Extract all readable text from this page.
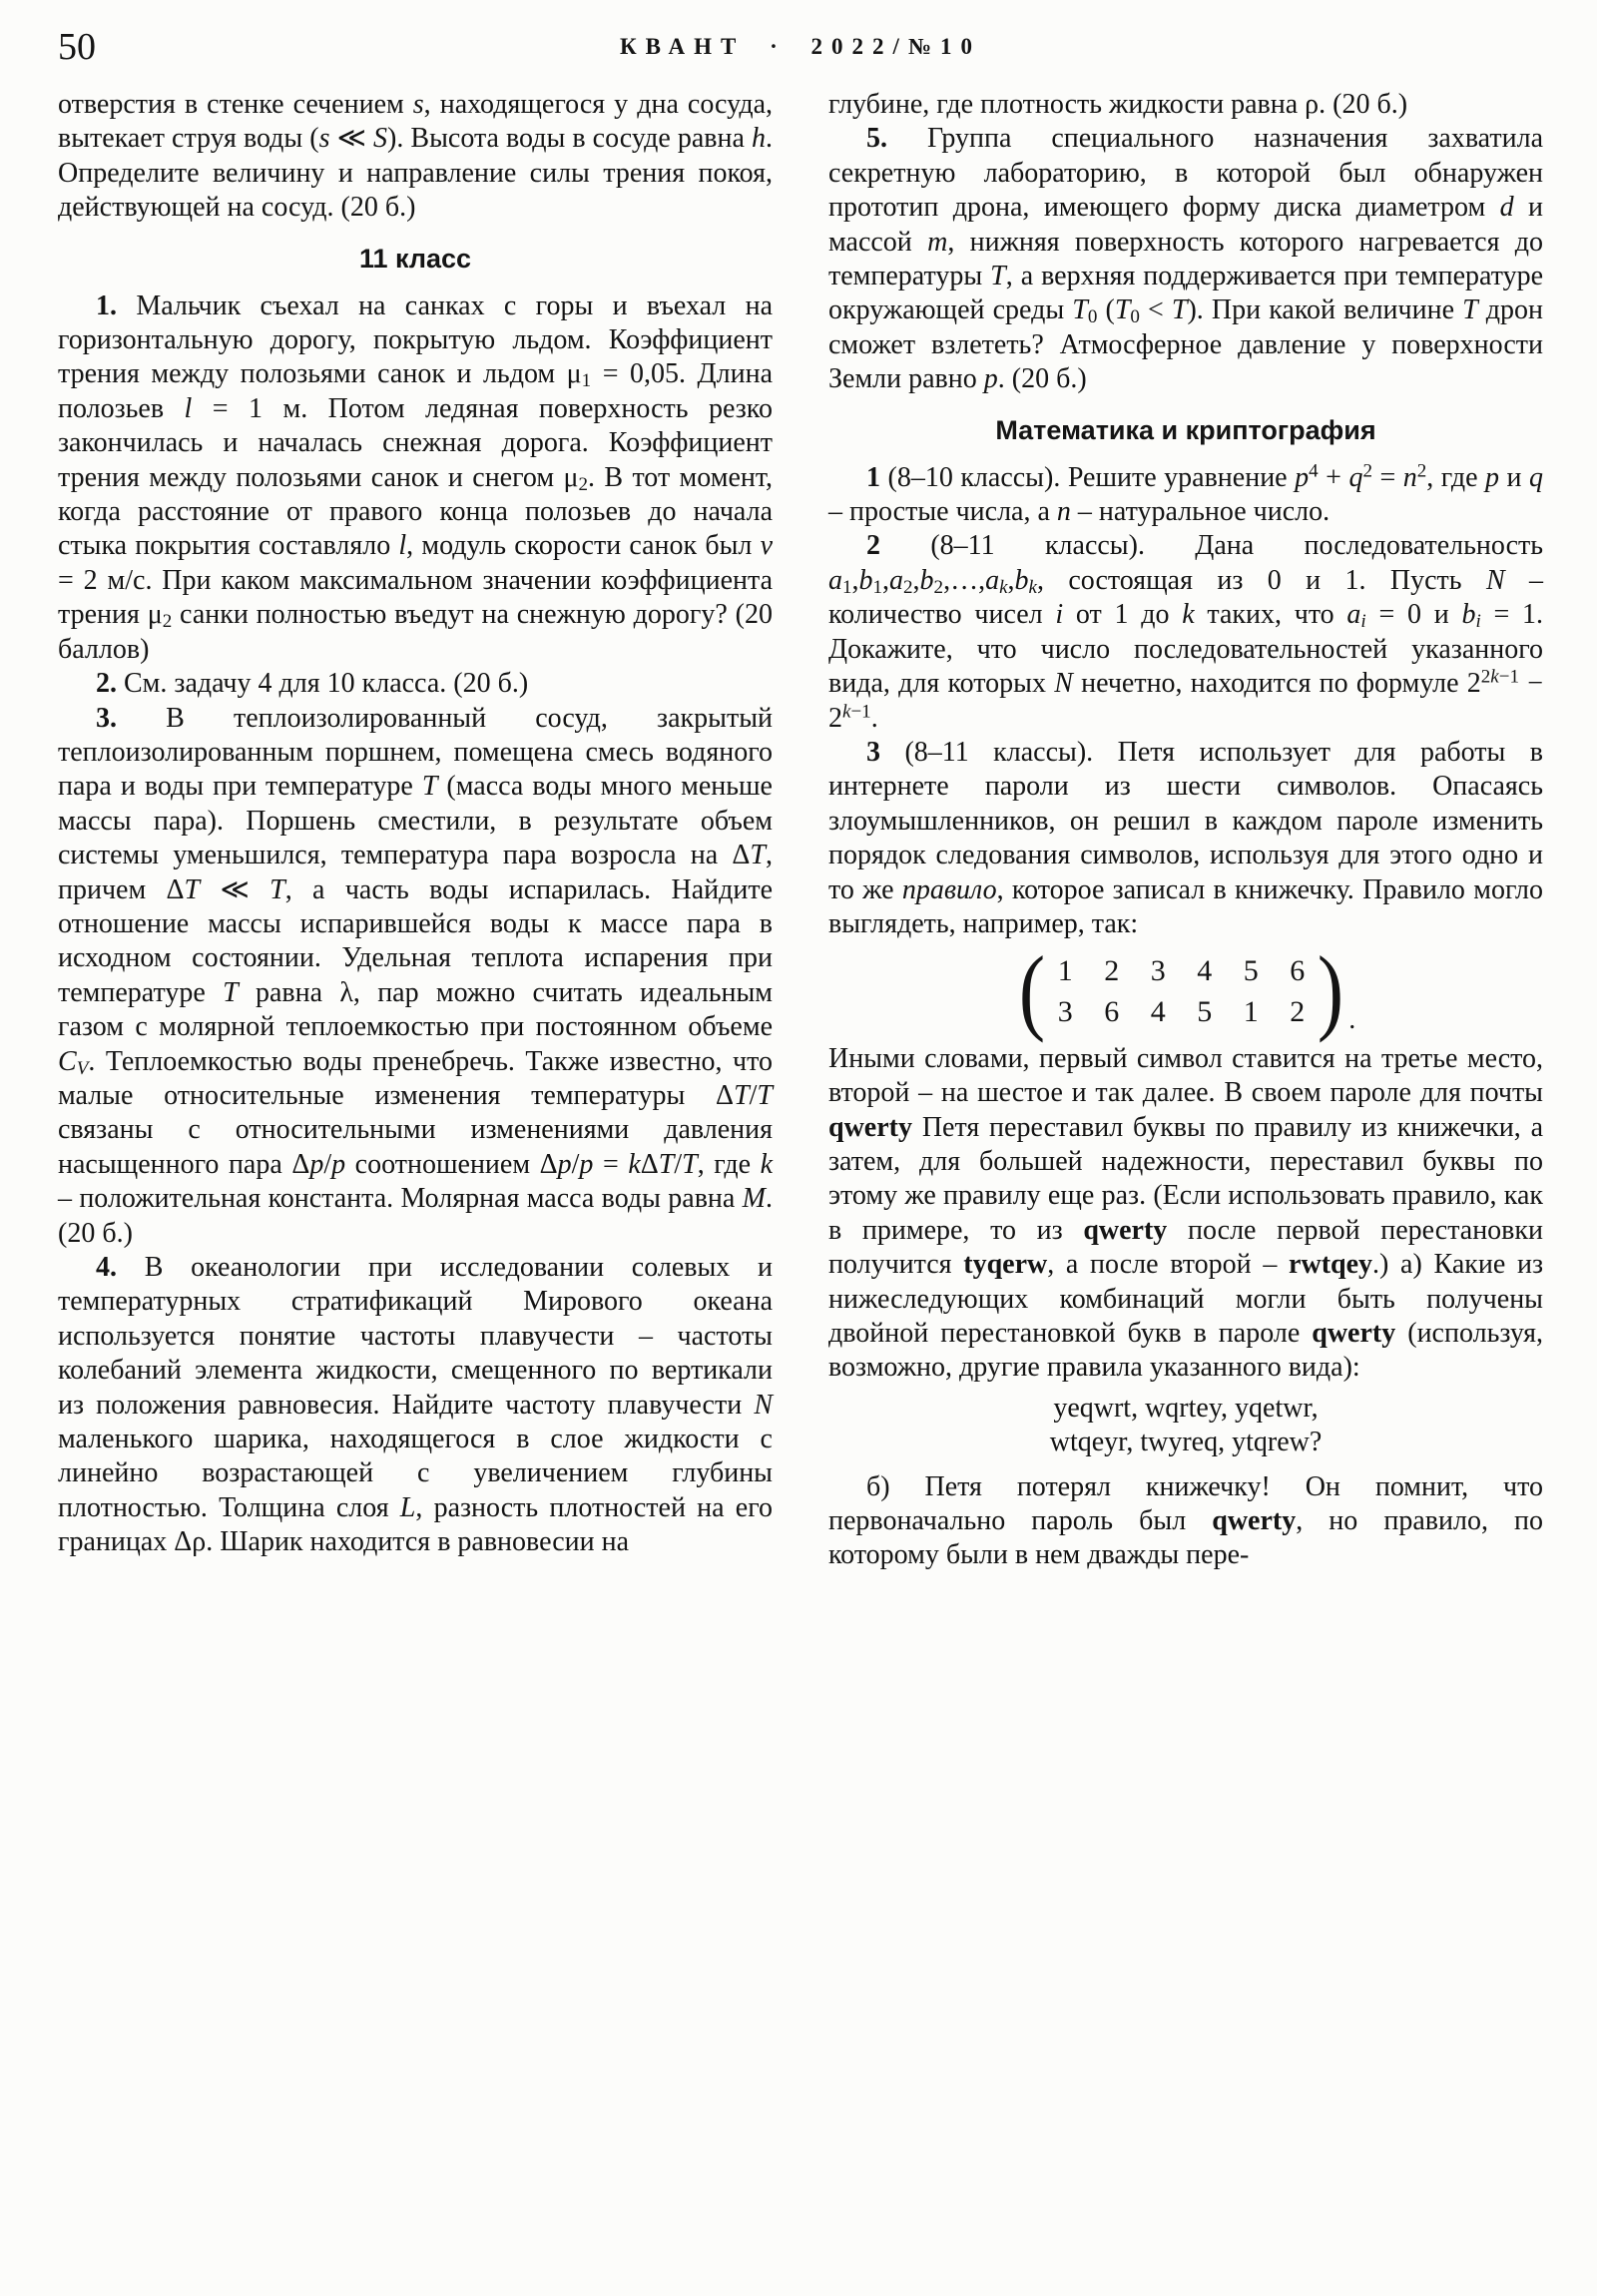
50	КВАНТ · 2022/№10

отверстия в стенке сечением s, находящегося у дна сосуда, вытекает струя воды (s ≪ S). Высота воды в сосуде равна h. Определите величину и направление силы трения покоя, действующей на сосуд. (20 б.)

11 класс

1. Мальчик съехал на санках с горы и въехал на горизонтальную дорогу, покрытую льдом. Коэффициент трения между полозьями санок и льдом μ1 = 0,05. Длина полозьев l = 1 м. Потом ледяная поверхность резко закончилась и началась снежная дорога. Коэффициент трения между полозьями санок и снегом μ2. В тот момент, когда расстояние от правого конца полозьев до начала стыка покрытия составляло l, модуль скорости санок был v = 2 м/с. При каком максимальном значении коэффициента трения μ2 санки полностью въедут на снежную дорогу? (20 баллов)

2. См. задачу 4 для 10 класса. (20 б.)

3. В теплоизолированный сосуд, закрытый теплоизолированным поршнем, помещена смесь водяного пара и воды при температуре T (масса воды много меньше массы пара). Поршень сместили, в результате объем системы уменьшился, температура пара возросла на ΔT, причем ΔT ≪ T, а часть воды испарилась. Найдите отношение массы испарившейся воды к массе пара в исходном состоянии. Удельная теплота испарения при температуре T равна λ, пар можно считать идеальным газом с молярной теплоемкостью при постоянном объеме CV. Теплоемкостью воды пренебречь. Также известно, что малые относительные изменения температуры ΔT/T связаны с относительными изменениями давления насыщенного пара Δp/p соотношением Δp/p = kΔT/T, где k – положительная константа. Молярная масса воды равна M. (20 б.)

4. В океанологии при исследовании солевых и температурных стратификаций Мирового океана используется понятие частоты плавучести – частоты колебаний элемента жидкости, смещенного по вертикали из положения равновесия. Найдите частоту плавучести N маленького шарика, находящегося в слое жидкости с линейно возрастающей с увеличением глубины плотностью. Толщина слоя L, разность плотностей на его границах Δρ. Шарик находится в равновесии на

глубине, где плотность жидкости равна ρ. (20 б.)

5. Группа специального назначения захватила секретную лабораторию, в которой был обнаружен прототип дрона, имеющего форму диска диаметром d и массой m, нижняя поверхность которого нагревается до температуры T, а верхняя поддерживается при температуре окружающей среды T0 (T0 < T). При какой величине T дрон сможет взлететь? Атмосферное давление у поверхности Земли равно p. (20 б.)

Математика и криптография

1 (8–10 классы). Решите уравнение $p^4 + q^2 = n^2$, где p и q – простые числа, а n – натуральное число.

2 (8–11 классы). Дана последовательность a1,b1,a2,b2,…,ak,bk, состоящая из 0 и 1. Пусть N – количество чисел i от 1 до k таких, что ai = 0 и bi = 1. Докажите, что число последовательностей указанного вида, для которых N нечетно, находится по формуле $2^{2k-1} - 2^{k-1}$.

3 (8–11 классы). Петя использует для работы в интернете пароли из шести символов. Опасаясь злоумышленников, он решил в каждом пароле изменить порядок следования символов, используя для этого одно и то же правило, которое записал в книжечку. Правило могло выглядеть, например, так:

( 1 2 3 4 5 6
3 6 4 5 1 2 ) .

Иными словами, первый символ ставится на третье место, второй – на шестое и так далее. В своем пароле для почты qwerty Петя переставил буквы по правилу из книжечки, а затем, для большей надежности, переставил буквы по этому же правилу еще раз. (Если использовать правило, как в примере, то из qwerty после первой перестановки получится tyqerw, а после второй – rwtqey.) а) Какие из нижеследующих комбинаций могли быть получены двойной перестановкой букв в пароле qwerty (используя, возможно, другие правила указанного вида):

yeqwrt, wqrtey, yqetwr,
wtqeyr, twyreq, ytqrew?

б) Петя потерял книжечку! Он помнит, что первоначально пароль был qwerty, но правило, по которому были в нем дважды пере-
